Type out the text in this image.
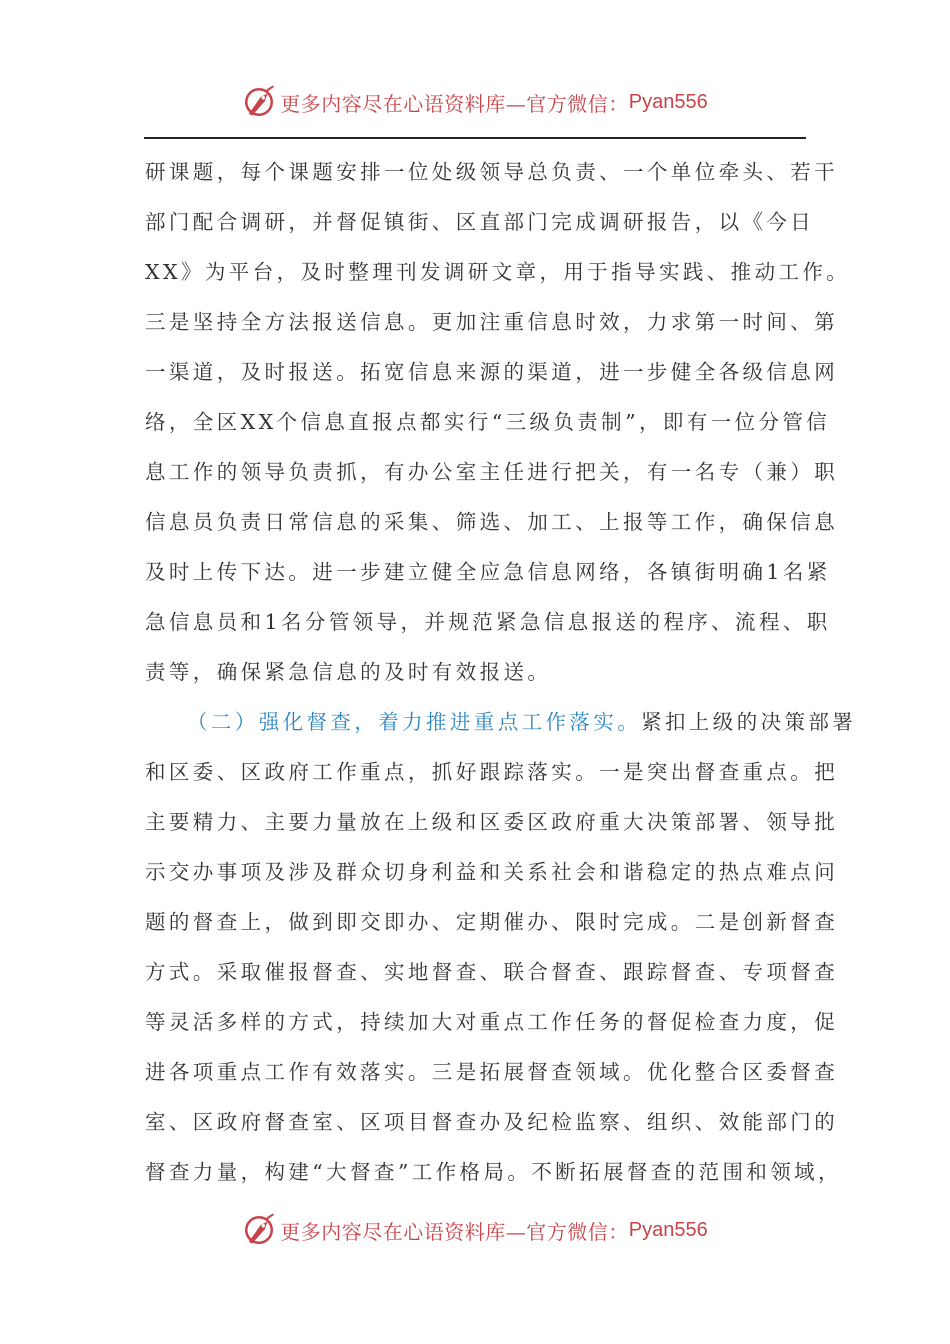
更多内容尽在心语资料库—官方微信： Pyan556
研课题，每个课题安排一位处级领导总负责、一个单位牵头、若干
部门配合调研，并督促镇街、区直部门完成调研报告，以《今日
XX》为平台，及时整理刊发调研文章，用于指导实践、推动工作。
三是坚持全方法报送信息。更加注重信息时效，力求第一时间、第
一渠道，及时报送。拓宽信息来源的渠道，进一步健全各级信息网
络，全区XX个信息直报点都实行“三级负责制”，即有一位分管信
息工作的领导负责抓，有办公室主任进行把关，有一名专（兼）职
信息员负责日常信息的采集、筛选、加工、上报等工作，确保信息
及时上传下达。进一步建立健全应急信息网络，各镇街明确1名紧
急信息员和1名分管领导，并规范紧急信息报送的程序、流程、职
责等，确保紧急信息的及时有效报送。
（二）强化督查，着力推进重点工作落实。紧扣上级的决策部署
和区委、区政府工作重点，抓好跟踪落实。一是突出督查重点。把
主要精力、主要力量放在上级和区委区政府重大决策部署、领导批
示交办事项及涉及群众切身利益和关系社会和谐稳定的热点难点问
题的督查上，做到即交即办、定期催办、限时完成。二是创新督查
方式。采取催报督查、实地督查、联合督查、跟踪督查、专项督查
等灵活多样的方式，持续加大对重点工作任务的督促检查力度，促
进各项重点工作有效落实。三是拓展督查领域。优化整合区委督查
室、区政府督查室、区项目督查办及纪检监察、组织、效能部门的
督查力量，构建“大督查”工作格局。不断拓展督查的范围和领域，
更多内容尽在心语资料库—官方微信： Pyan556
